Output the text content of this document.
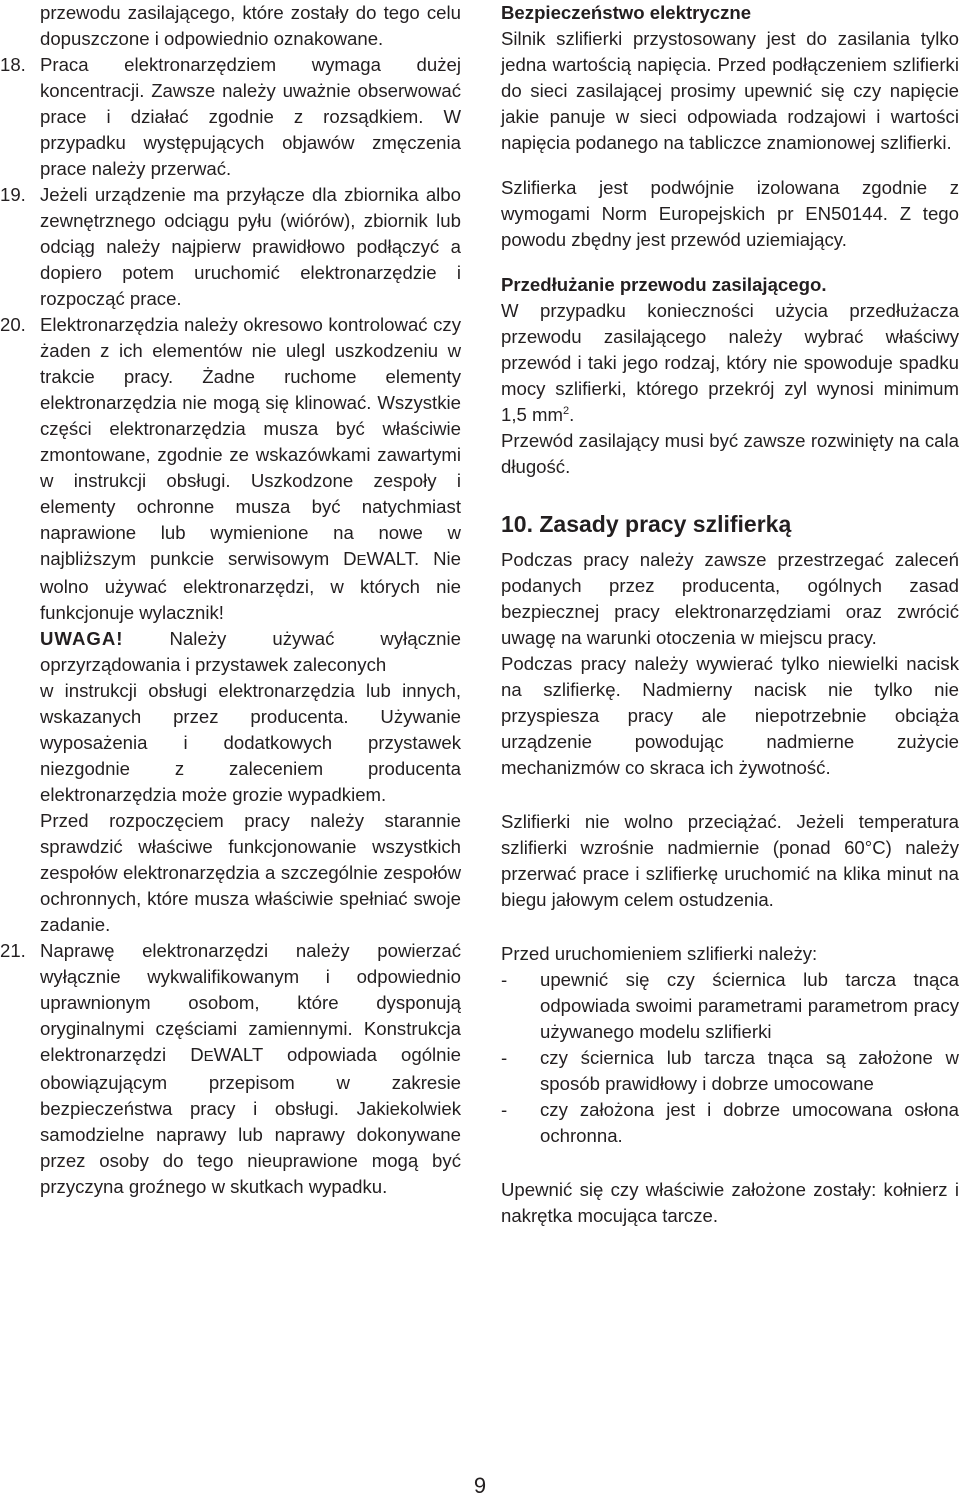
przewodu zasilającego, które zostały do tego celu dopuszczone i odpowiednio oznakowane.

18. Praca elektronarzędziem wymaga dużej koncentracji. Zawsze należy uważnie obserwować prace i działać zgodnie z rozsądkiem. W przypadku występujących objawów zmęczenia prace należy przerwać.

19. Jeżeli urządzenie ma przyłącze dla zbiornika albo zewnętrznego odciągu pyłu (wiórów), zbiornik lub odciąg należy najpierw prawidłowo podłączyć a dopiero potem uruchomić elektronarzędzie i rozpocząć prace.

20. Elektronarzędzia należy okresowo kontrolować czy żaden z ich elementów nie ulegl uszkodzeniu w trakcie pracy. Żadne ruchome elementy elektronarzędzia nie mogą się klinować. Wszystkie części elektronarzędzia musza być właściwie zmontowane, zgodnie ze wskazówkami zawartymi w instrukcji obsługi. Uszkodzone zespoły i elementy ochronne musza być natychmiast naprawione lub wymienione na nowe w najbliższym punkcie serwisowym DEWALT. Nie wolno używać elektronarzędzi, w których nie funkcjonuje wylacznik!

UWAGA! Należy używać wyłącznie oprzyrządowania i przystawek zaleconych

w instrukcji obsługi elektronarzędzia lub innych, wskazanych przez producenta. Używanie wyposażenia i dodatkowych przystawek niezgodnie z zaleceniem producenta elektronarzędzia może grozie wypadkiem.

Przed rozpoczęciem pracy należy starannie sprawdzić właściwe funkcjonowanie wszystkich zespołów elektronarzędzia a szczególnie zespołów ochronnych, które musza właściwie spełniać swoje zadanie.

21. Naprawę elektronarzędzi należy powierzać wyłącznie wykwalifikowanym i odpowiednio uprawnionym osobom, które dysponują oryginalnymi częściami zamiennymi. Konstrukcja elektronarzędzi DEWALT odpowiada ogólnie obowiązującym przepisom w zakresie bezpieczeństwa pracy i obsługi. Jakiekolwiek samodzielne naprawy lub naprawy dokonywane przez osoby do tego nieuprawione mogą być przyczyna groźnego w skutkach wypadku.

Bezpieczeństwo elektryczne

Silnik szlifierki przystosowany jest do zasilania tylko jedna wartością napięcia. Przed podłączeniem szlifierki do sieci zasilającej prosimy upewnić się czy napięcie jakie panuje w sieci odpowiada rodzajowi i wartości napięcia podanego na tabliczce znamionowej szlifierki.

Szlifierka jest podwójnie izolowana zgodnie z wymogami Norm Europejskich pr EN50144. Z tego powodu zbędny jest przewód uziemiający.

Przedłużanie przewodu zasilającego.

W przypadku konieczności użycia przedłużacza przewodu zasilającego należy wybrać właściwy przewód i taki jego rodzaj, który nie spowoduje spadku mocy szlifierki, którego przekrój zyl wynosi minimum 1,5 $mm^2$.

Przewód zasilający musi być zawsze rozwinięty na cala długość.

10. Zasady pracy szlifierką

Podczas pracy należy zawsze przestrzegać zaleceń podanych przez producenta, ogólnych zasad bezpiecznej pracy elektronarzędziami oraz zwrócić uwagę na warunki otoczenia w miejscu pracy.

Podczas pracy należy wywierać tylko niewielki nacisk na szlifierkę. Nadmierny nacisk nie tylko nie przyspiesza pracy ale niepotrzebnie obciąża urządzenie powodując nadmierne zużycie mechanizmów co skraca ich żywotność.

Szlifierki nie wolno przeciążać. Jeżeli temperatura szlifierki wzrośnie nadmiernie (ponad 60°C) należy przerwać prace i szlifierkę uruchomić na klika minut na biegu jałowym celem ostudzenia.

Przed uruchomieniem szlifierki należy:

- upewnić się czy ściernica lub tarcza tnąca odpowiada swoimi parametrami parametrom pracy używanego modelu szlifierki
- czy ściernica lub tarcza tnąca są założone w sposób prawidłowy i dobrze umocowane
- czy założona jest i dobrze umocowana osłona ochronna.

Upewnić się czy właściwie założone zostały: kołnierz i nakrętka mocująca tarcze.

9
